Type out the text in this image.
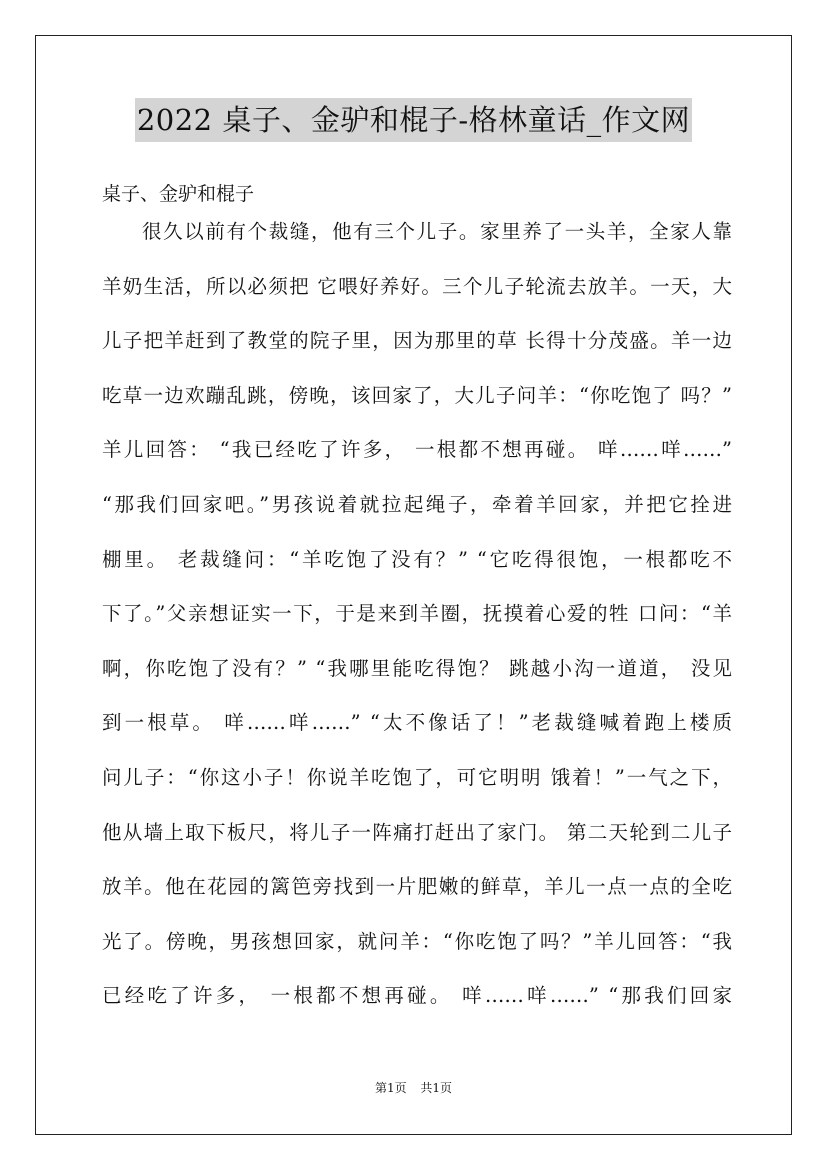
2022 桌子、金驴和棍子-格林童话_作文网
桌子、金驴和棍子
很久以前有个裁缝，他有三个儿子。家里养了一头羊，全家人靠
羊奶生活，所以必须把 它喂好养好。三个儿子轮流去放羊。一天，大
儿子把羊赶到了教堂的院子里，因为那里的草 长得十分茂盛。羊一边
吃草一边欢蹦乱跳，傍晚，该回家了，大儿子问羊：“你吃饱了 吗？”
羊儿回答： “我已经吃了许多， 一根都不想再碰。 咩……咩……”
“那我们回家吧。”男孩说着就拉起绳子，牵着羊回家，并把它拴进
棚里。 老裁缝问：“羊吃饱了没有？” “它吃得很饱，一根都吃不
下了。”父亲想证实一下，于是来到羊圈，抚摸着心爱的牲 口问：“羊
啊，你吃饱了没有？” “我哪里能吃得饱？ 跳越小沟一道道， 没见
到一根草。 咩……咩……” “太不像话了！”老裁缝喊着跑上楼质
问儿子：“你这小子！你说羊吃饱了，可它明明 饿着！”一气之下，
他从墙上取下板尺，将儿子一阵痛打赶出了家门。 第二天轮到二儿子
放羊。他在花园的篱笆旁找到一片肥嫩的鲜草，羊儿一点一点的全吃
光了。傍晚，男孩想回家，就问羊：“你吃饱了吗？”羊儿回答：“我
已经吃了许多， 一根都不想再碰。 咩……咩……” “那我们回家
第1页 共1页
